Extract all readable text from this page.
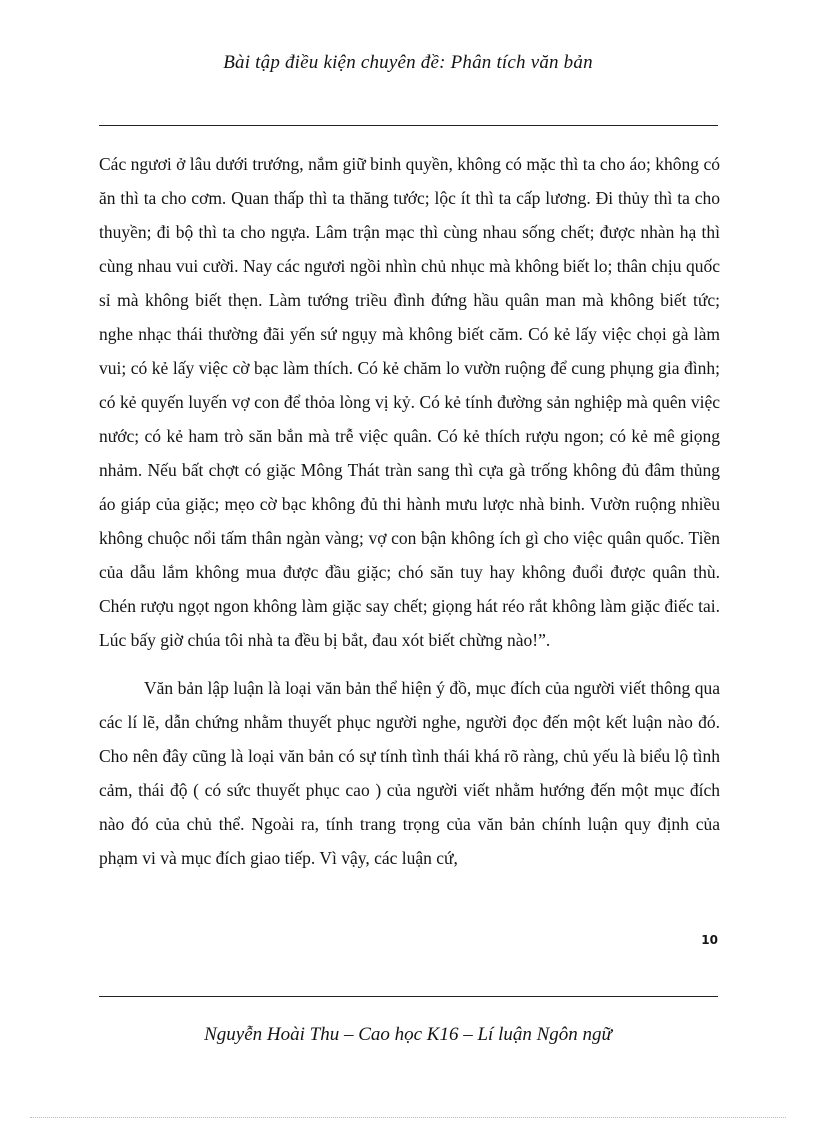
Bài tập điều kiện chuyên đề: Phân tích văn bản

Các ngươi ở lâu dưới trướng, nắm giữ binh quyền, không có mặc thì ta cho áo; không có ăn thì ta cho cơm. Quan thấp thì ta thăng tước; lộc ít thì ta cấp lương. Đi thủy thì ta cho thuyền; đi bộ thì ta cho ngựa. Lâm trận mạc thì cùng nhau sống chết; được nhàn hạ thì cùng nhau vui cười. Nay các ngươi ngồi nhìn chủ nhục mà không biết lo; thân chịu quốc sỉ mà không biết thẹn. Làm tướng triều đình đứng hầu quân man mà không biết tức; nghe nhạc thái thường đãi yến sứ ngụy mà không biết căm. Có kẻ lấy việc chọi gà làm vui; có kẻ lấy việc cờ bạc làm thích. Có kẻ chăm lo vườn ruộng để cung phụng gia đình; có kẻ quyến luyến vợ con để thỏa lòng vị kỷ. Có kẻ tính đường sản nghiệp mà quên việc nước; có kẻ ham trò săn bắn mà trễ việc quân. Có kẻ thích rượu ngon; có kẻ mê giọng nhảm. Nếu bất chợt có giặc Mông Thát tràn sang thì cựa gà trống không đủ đâm thủng áo giáp của giặc; mẹo cờ bạc không đủ thi hành mưu lược nhà binh. Vườn ruộng nhiều không chuộc nổi tấm thân ngàn vàng; vợ con bận không ích gì cho việc quân quốc. Tiền của dẫu lắm không mua được đầu giặc; chó săn tuy hay không đuổi được quân thù. Chén rượu ngọt ngon không làm giặc say chết; giọng hát réo rắt không làm giặc điếc tai. Lúc bấy giờ chúa tôi nhà ta đều bị bắt, đau xót biết chừng nào!”.

Văn bản lập luận là loại văn bản thể hiện ý đồ, mục đích của người viết thông qua các lí lẽ, dẫn chứng nhằm thuyết phục người nghe, người đọc đến một kết luận nào đó. Cho nên đây cũng là loại văn bản có sự tính tình thái khá rõ ràng, chủ yếu là biểu lộ tình cảm, thái độ ( có sức thuyết phục cao ) của người viết nhằm hướng đến một mục đích nào đó của chủ thể. Ngoài ra, tính trang trọng của văn bản chính luận quy định của phạm vi và mục đích giao tiếp. Vì vậy, các luận cứ,

10
Nguyễn Hoài Thu – Cao học K16 – Lí luận Ngôn ngữ
